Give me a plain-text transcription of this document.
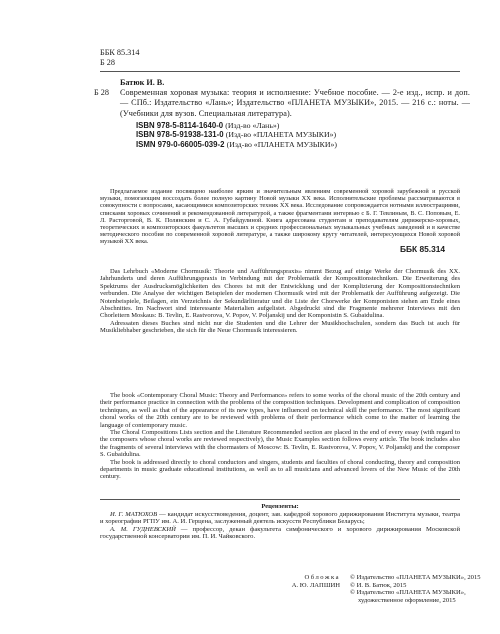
ББК 85.314
Б 28
Б 28
Батюк И. В.
Современная хоровая музыка: теория и исполнение: Учебное пособие. — 2-е изд., испр. и доп. — СПб.: Издательство «Лань»; Издательство «ПЛАНЕТА МУЗЫКИ», 2015. — 216 с.: ноты. — (Учебники для вузов. Специальная литература).
ISBN 978-5-8114-1640-0 (Изд-во «Лань»)
ISBN 978-5-91938-131-0 (Изд-во «ПЛАНЕТА МУЗЫКИ»)
ISMN 979-0-66005-039-2 (Изд-во «ПЛАНЕТА МУЗЫКИ»)
Предлагаемое издание посвящено наиболее ярким и значительным явлениям современной хоровой зарубежной и русской музыки, помогающим воссоздать более полную картину Новой музыки XX века. Исполнительские проблемы рассматриваются в совокупности с вопросами, касающимися композиторских техник XX века. Исследование сопровождается нотными иллюстрациями, списками хоровых сочинений и рекомендованной литературой, а также фрагментами интервью с Б. Г. Тевлиным, В. С. Поповым, Е. Л. Расторговой, В. К. Полянским и С. А. Губайдулиной. Книга адресована студентам и преподавателям дирижерско-хоровых, теоретических и композиторских факультетов высших и средних профессиональных музыкальных учебных заведений и в качестве методического пособия по современной хоровой литературе, а также широкому кругу читателей, интересующихся Новой хоровой музыкой XX века.
ББК 85.314

Das Lehrbuch «Moderne Chormusik: Theorie und Aufführungspraxis» nimmt Bezug auf einige Werke der Chormusik des XX. Jahrhunderts und deren Aufführungspraxis in Verbindung mit der Problematik der Kompositionstechniken. Die Erweiterung des Spektrums der Ausdrucksmöglichkeiten des Chores ist mit der Entwicklung und der Komplizierung der Kompositionstechniken verbunden. Die Analyse der wichtigen Beispielen der modernen Chormusik wird mit der Problematik der Aufführung aufgezeigt. Die Notenbeispiele, Beilagen, ein Verzeichnis der Sekundärliteratur und die Liste der Chorwerke der Komponisten stehen am Ende eines Abschnittes. Im Nachwort sind interessante Materialien aufgelistet. Abgedruckt sind die Fragmente mehrerer Interviews mit den Chorleitern Moskaus: B. Tevlin, E. Rastvorova, V. Popov, V. Poljanskij und der Komponistin S. Gubaidulina.

Adressaten dieses Buches sind nicht nur die Studenten und die Lehrer der Musikhochschulen, sondern das Buch ist auch für Musikliebhaber geschrieben, die sich für die Neue Chormusik interessieren.

The book «Contemporary Choral Music: Theory and Performance» refers to some works of the choral music of the 20th century and their performance practice in connection with the problems of the composition techniques. Development and complication of composition techniques, as well as that of the appearance of its new types, have influenced on technical skill the performance. The most significant choral works of the 20th century are to be reviewed with problems of their performance which come to the matter of learning the language of contemporary music.

The Choral Compositions Lists section and the Literature Recommended section are placed in the end of every essay (with regard to the composers whose choral works are reviewed respectively), the Music Examples section follows every article. The book includes also the fragments of several interviews with the chormasters of Moscow: B. Tevlin, E. Rastvorova, V. Popov, V. Poljanskij and the composer S. Gubaidulina.

The book is addressed directly to choral conductors and singers, students and faculties of choral conducting, theory and composition departments in music graduate educational institutions, as well as to all musicians and advanced lovers of the New Music of the 20th century.

Рецензенты:

И. Г. МАТЮХОВ — кандидат искусствоведения, доцент, зав. кафедрой хорового дирижирования Института музыки, театра и хореографии РГПУ им. А. И. Герцена, заслуженный деятель искусств Республики Беларусь;

А. М. ГУДНЕВСКИЙ — профессор, декан факультета симфонического и хорового дирижирования Московской государственной консерватории им. П. И. Чайковского.

Обложка
А. Ю. ЛАПШИН
© Издательство «ПЛАНЕТА МУЗЫКИ», 2015
© И. В. Батюк, 2015
© Издательство «ПЛАНЕТА МУЗЫКИ»,
художественное оформление, 2015
